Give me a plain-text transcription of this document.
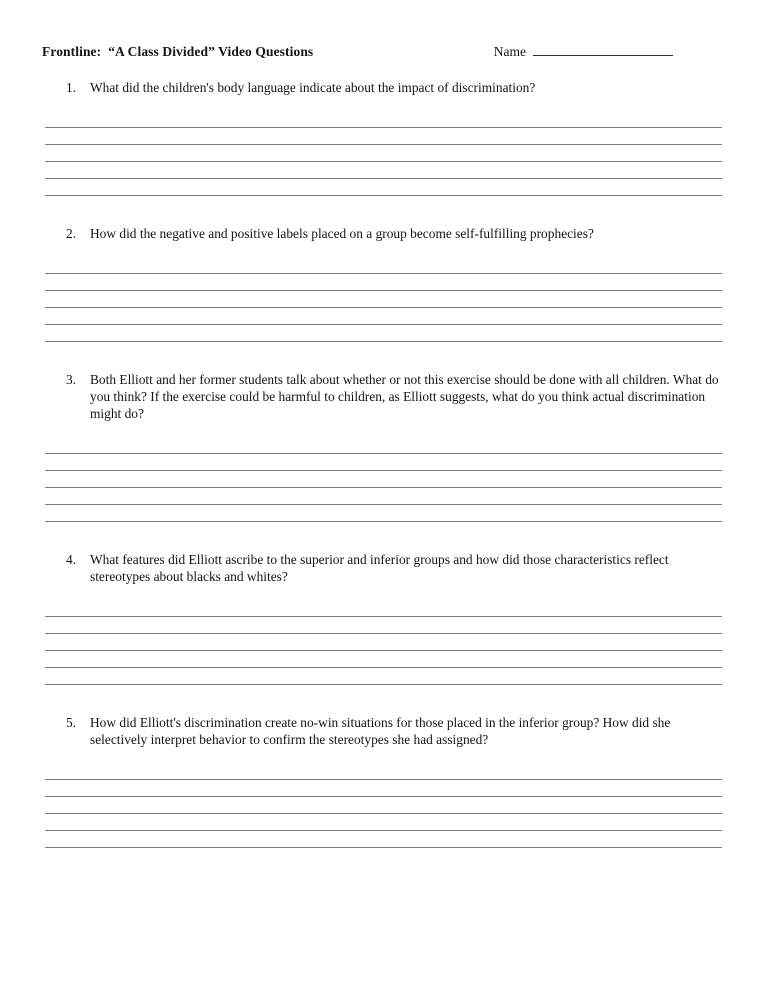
Frontline:  “A Class Divided” Video Questions	Name

1.	What did the children's body language indicate about the impact of discrimination?

2.	How did the negative and positive labels placed on a group become self-fulfilling prophecies?

3.	Both Elliott and her former students talk about whether or not this exercise should be done with all children. What do you think? If the exercise could be harmful to children, as Elliott suggests, what do you think actual discrimination might do?

4.	What features did Elliott ascribe to the superior and inferior groups and how did those characteristics reflect stereotypes about blacks and whites?

5.	How did Elliott's discrimination create no-win situations for those placed in the inferior group? How did she selectively interpret behavior to confirm the stereotypes she had assigned?
